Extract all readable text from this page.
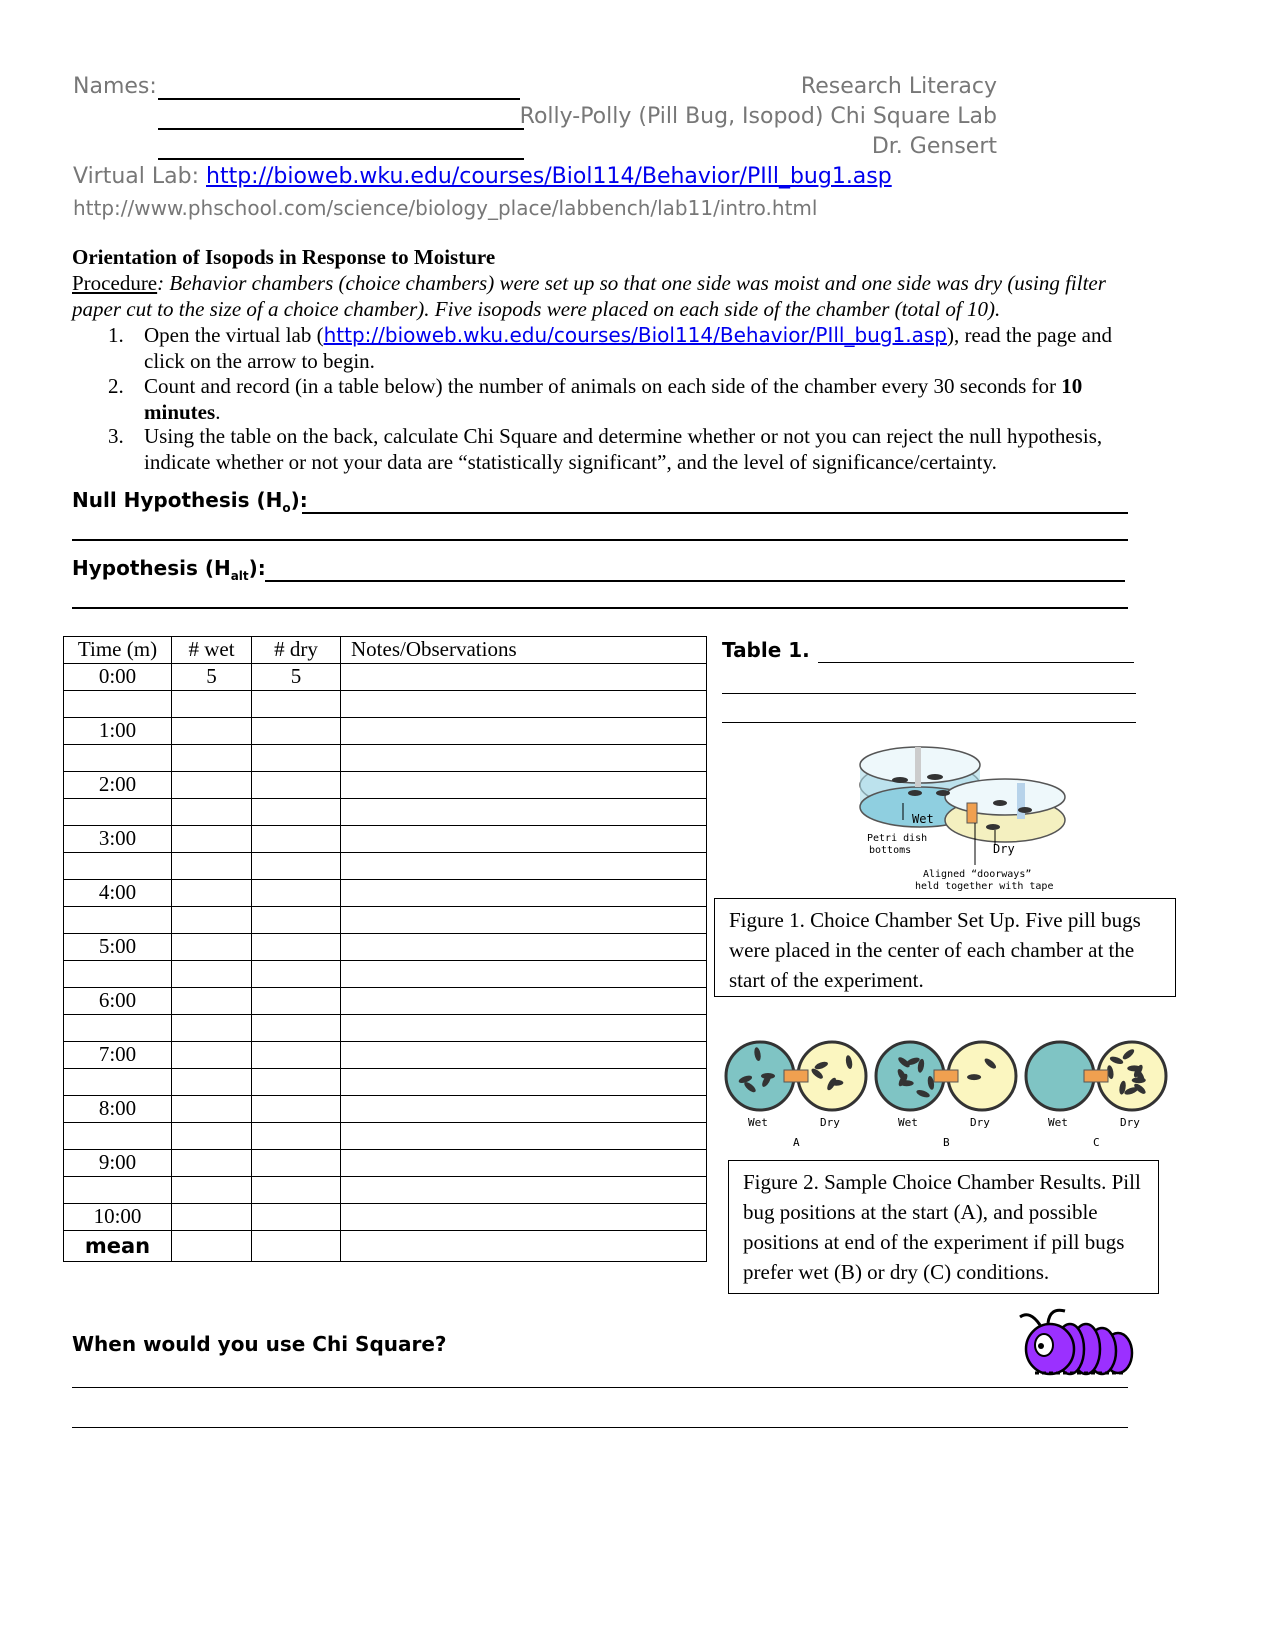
Names:	Research Literacy
Rolly-Polly (Pill Bug, Isopod) Chi Square Lab
Dr. Gensert
Virtual Lab: http://bioweb.wku.edu/courses/Biol114/Behavior/PIll_bug1.asp
http://www.phschool.com/science/biology_place/labbench/lab11/intro.html
Orientation of Isopods in Response to Moisture
Procedure: Behavior chambers (choice chambers) were set up so that one side was moist and one side was dry (using filter paper cut to the size of a choice chamber). Five isopods were placed on each side of the chamber (total of 10).
1. Open the virtual lab (http://bioweb.wku.edu/courses/Biol114/Behavior/PIll_bug1.asp), read the page and click on the arrow to begin.
2. Count and record (in a table below) the number of animals on each side of the chamber every 30 seconds for 10 minutes.
3. Using the table on the back, calculate Chi Square and determine whether or not you can reject the null hypothesis, indicate whether or not your data are “statistically significant”, and the level of significance/certainty.
Null Hypothesis $(H_o)$:
Hypothesis $(H_{alt})$:
Time (m)	# wet	# dry	Notes/Observations
0:00	5	5	

1:00			

2:00			

3:00			

4:00			

5:00			

6:00			

7:00			

8:00			

9:00			

10:00			
mean			
Table 1.
Wet
Dry
Petri dish
bottoms
Aligned “doorways”
held together with tape
Figure 1. Choice Chamber Set Up. Five pill bugs were placed in the center of each chamber at the start of the experiment.
Wet	Dry	Wet	Dry	Wet	Dry
A	B	C
Figure 2. Sample Choice Chamber Results. Pill bug positions at the start (A), and possible positions at end of the experiment if pill bugs prefer wet (B) or dry (C) conditions.
When would you use Chi Square?
